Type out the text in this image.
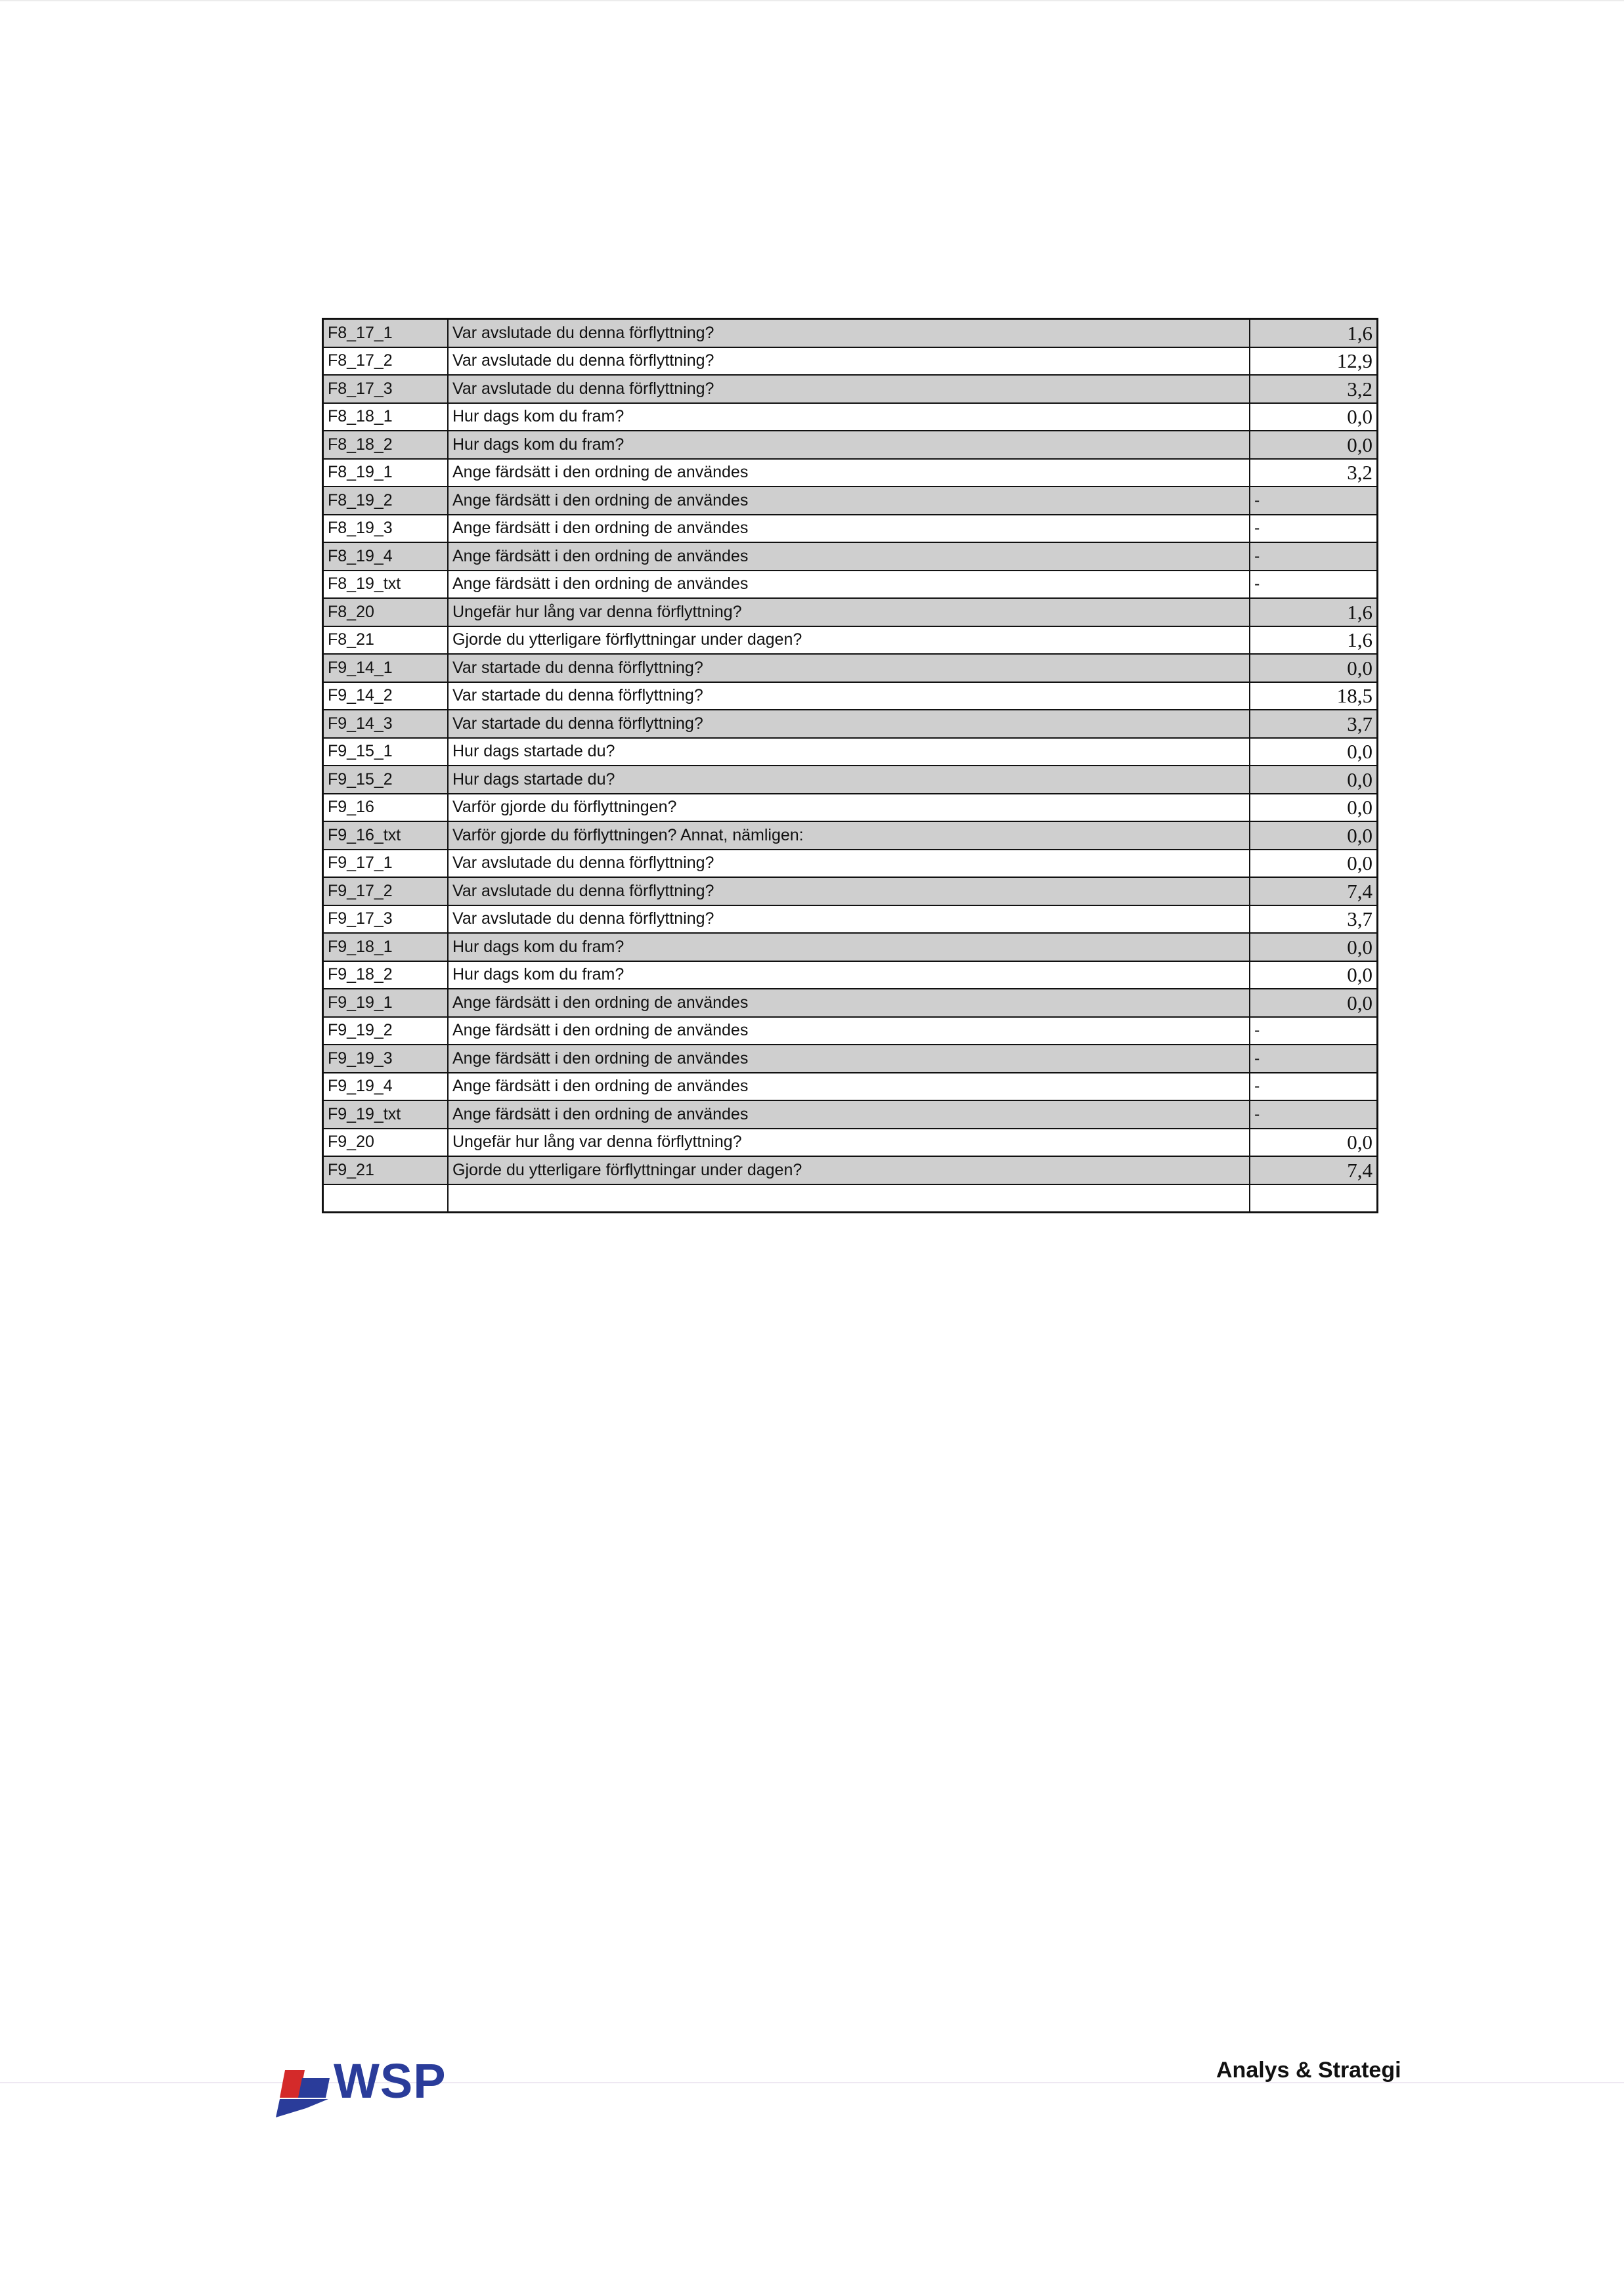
F8_17_1	Var avslutade du denna förflyttning?	1,6
F8_17_2	Var avslutade du denna förflyttning?	12,9
F8_17_3	Var avslutade du denna förflyttning?	3,2
F8_18_1	Hur dags kom du fram?	0,0
F8_18_2	Hur dags kom du fram?	0,0
F8_19_1	Ange färdsätt i den ordning de användes	3,2
F8_19_2	Ange färdsätt i den ordning de användes	-
F8_19_3	Ange färdsätt i den ordning de användes	-
F8_19_4	Ange färdsätt i den ordning de användes	-
F8_19_txt	Ange färdsätt i den ordning de användes	-
F8_20	Ungefär hur lång var denna förflyttning?	1,6
F8_21	Gjorde du ytterligare förflyttningar under dagen?	1,6
F9_14_1	Var startade du denna förflyttning?	0,0
F9_14_2	Var startade du denna förflyttning?	18,5
F9_14_3	Var startade du denna förflyttning?	3,7
F9_15_1	Hur dags startade du?	0,0
F9_15_2	Hur dags startade du?	0,0
F9_16	Varför gjorde du förflyttningen?	0,0
F9_16_txt	Varför gjorde du förflyttningen? Annat, nämligen:	0,0
F9_17_1	Var avslutade du denna förflyttning?	0,0
F9_17_2	Var avslutade du denna förflyttning?	7,4
F9_17_3	Var avslutade du denna förflyttning?	3,7
F9_18_1	Hur dags kom du fram?	0,0
F9_18_2	Hur dags kom du fram?	0,0
F9_19_1	Ange färdsätt i den ordning de användes	0,0
F9_19_2	Ange färdsätt i den ordning de användes	-
F9_19_3	Ange färdsätt i den ordning de användes	-
F9_19_4	Ange färdsätt i den ordning de användes	-
F9_19_txt	Ange färdsätt i den ordning de användes	-
F9_20	Ungefär hur lång var denna förflyttning?	0,0
F9_21	Gjorde du ytterligare förflyttningar under dagen?	7,4

WSP	Analys & Strategi
